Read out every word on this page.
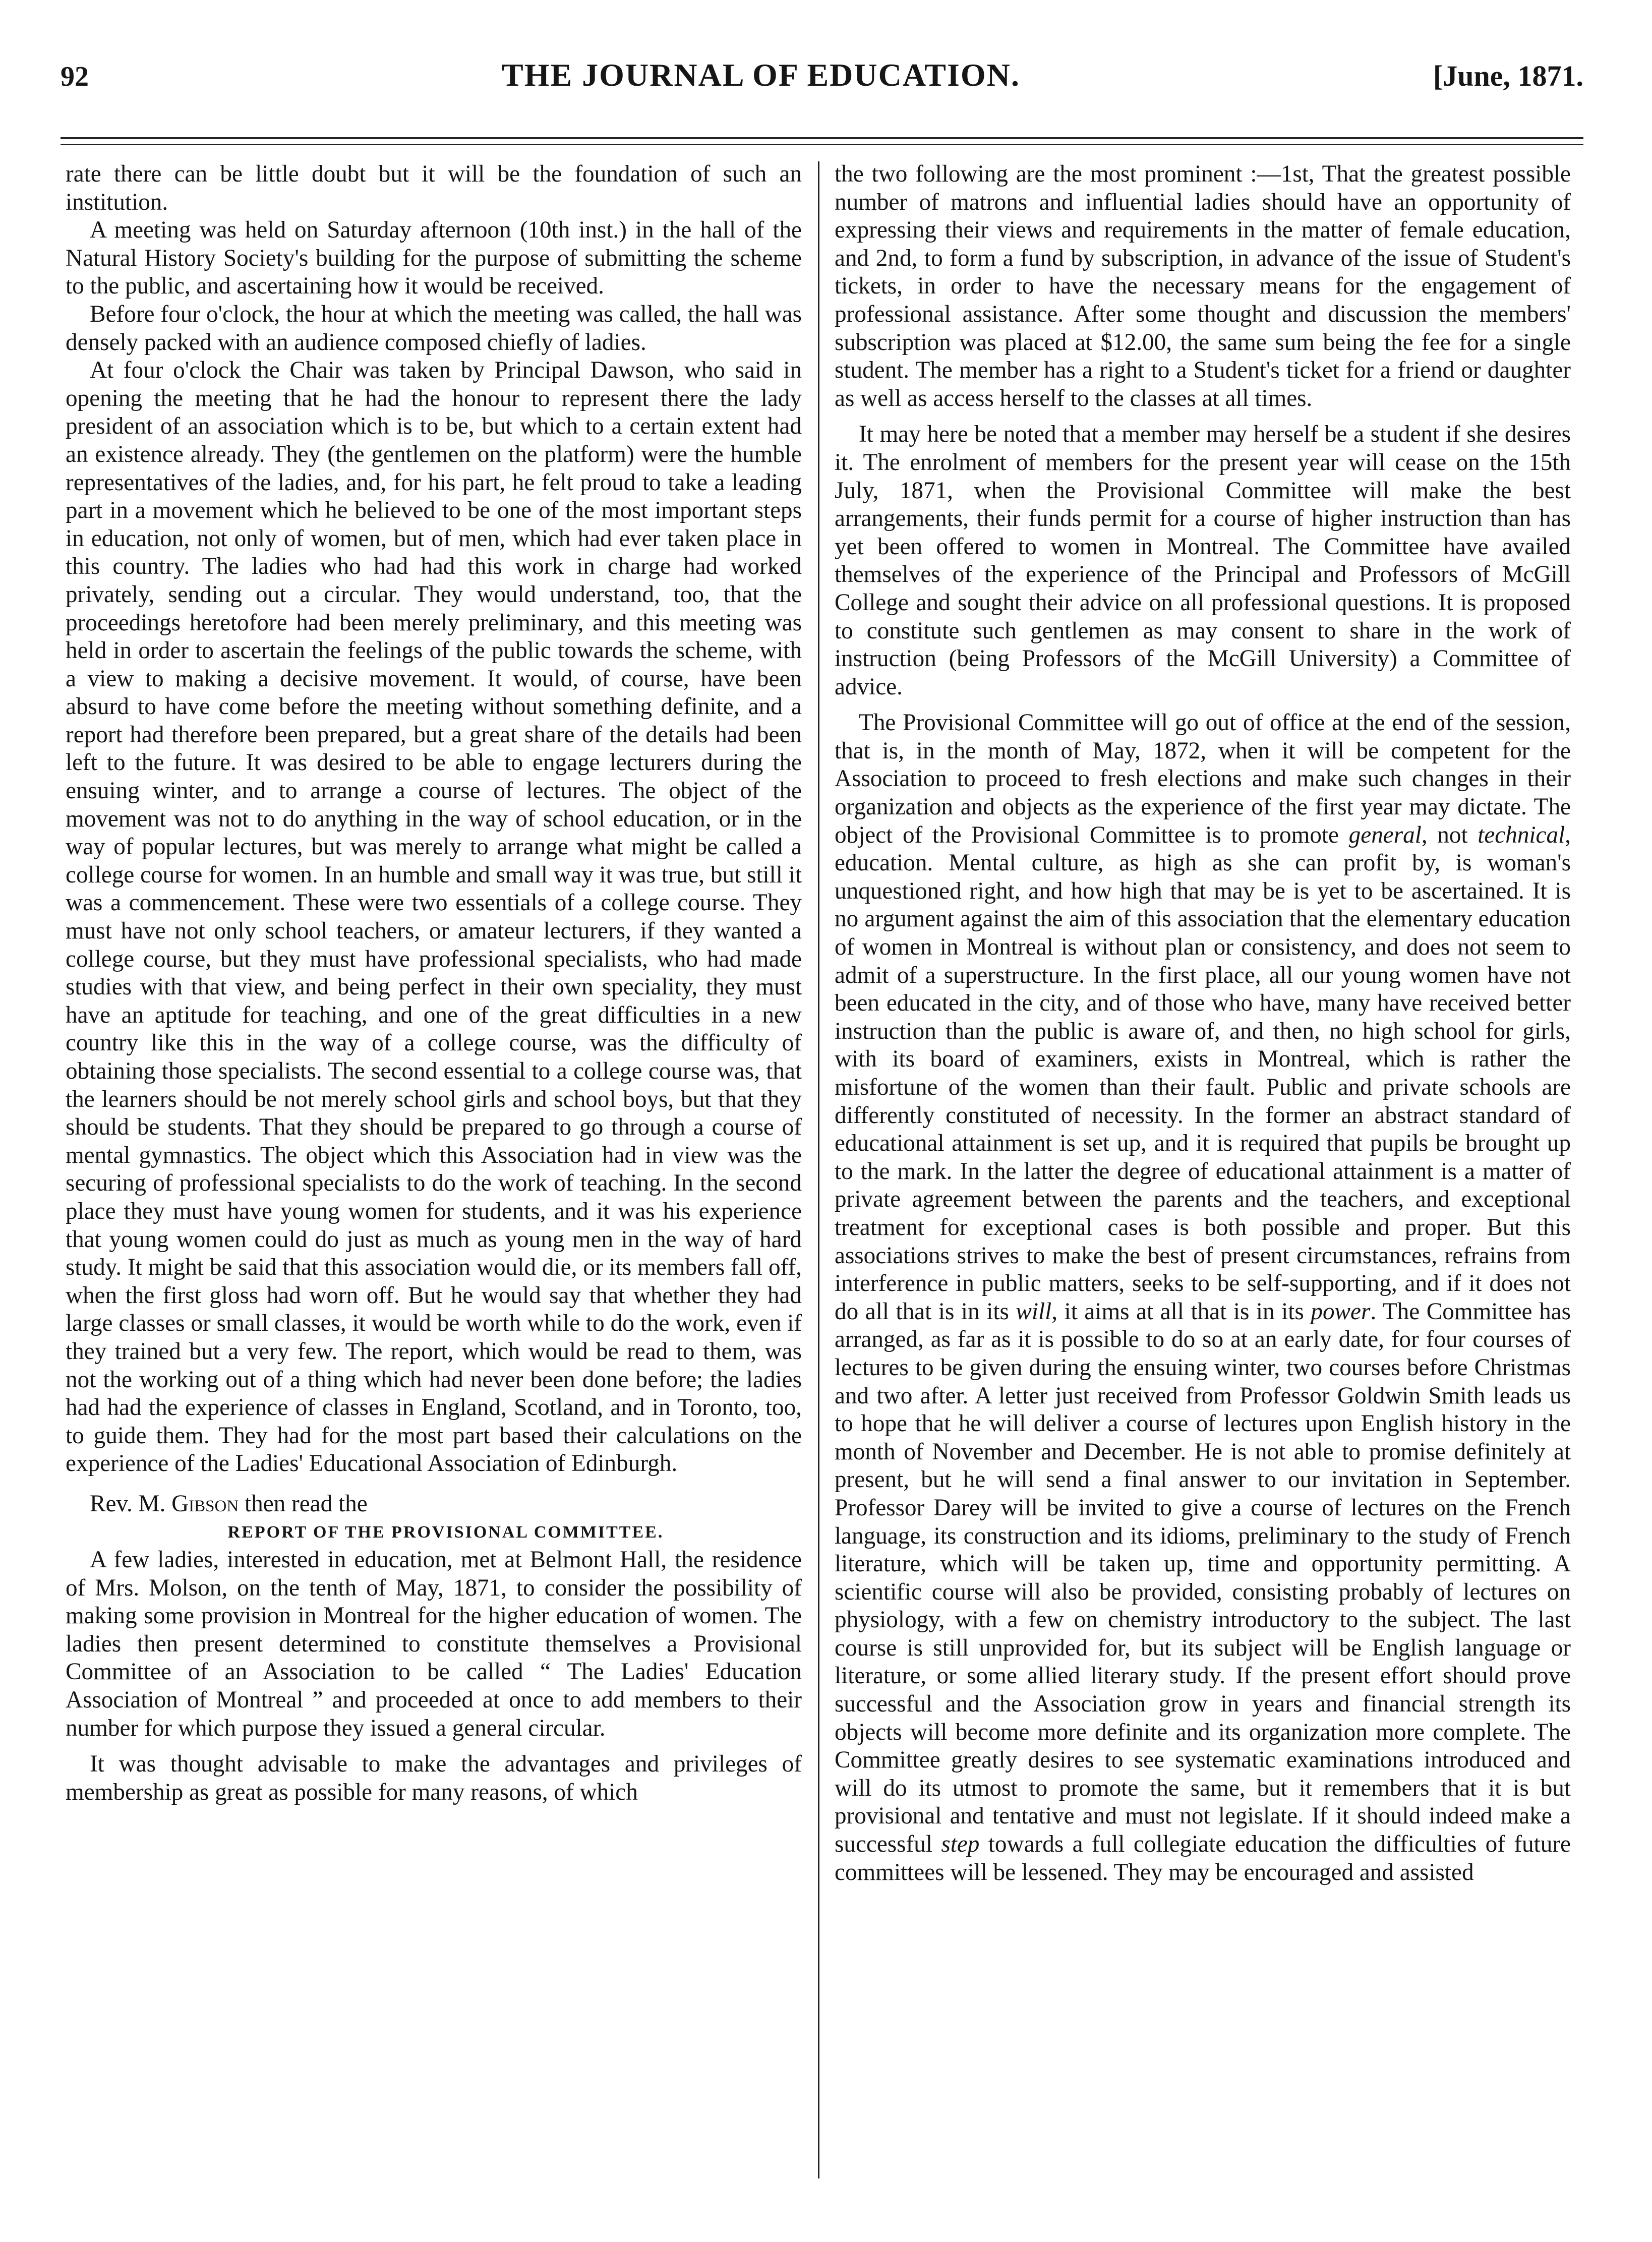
92	THE JOURNAL OF EDUCATION.	[June, 1871.

rate there can be little doubt but it will be the foundation of such an institution.

A meeting was held on Saturday afternoon (10th inst.) in the hall of the Natural History Society's building for the purpose of submitting the scheme to the public, and ascertaining how it would be received.

Before four o'clock, the hour at which the meeting was called, the hall was densely packed with an audience composed chiefly of ladies.

At four o'clock the Chair was taken by Principal Dawson, who said in opening the meeting that he had the honour to represent there the lady president of an association which is to be, but which to a certain extent had an existence already. They (the gentlemen on the platform) were the humble representatives of the ladies, and, for his part, he felt proud to take a leading part in a movement which he believed to be one of the most important steps in education, not only of women, but of men, which had ever taken place in this country. The ladies who had had this work in charge had worked privately, sending out a circular. They would understand, too, that the proceedings heretofore had been merely preliminary, and this meeting was held in order to ascertain the feelings of the public towards the scheme, with a view to making a decisive movement. It would, of course, have been absurd to have come before the meeting without something definite, and a report had therefore been prepared, but a great share of the details had been left to the future. It was desired to be able to engage lecturers during the ensuing winter, and to arrange a course of lectures. The object of the movement was not to do anything in the way of school education, or in the way of popular lectures, but was merely to arrange what might be called a college course for women. In an humble and small way it was true, but still it was a commencement. These were two essentials of a college course. They must have not only school teachers, or amateur lecturers, if they wanted a college course, but they must have professional specialists, who had made studies with that view, and being perfect in their own speciality, they must have an aptitude for teaching, and one of the great difficulties in a new country like this in the way of a college course, was the difficulty of obtaining those specialists. The second essential to a college course was, that the learners should be not merely school girls and school boys, but that they should be students. That they should be prepared to go through a course of mental gymnastics. The object which this Association had in view was the securing of professional specialists to do the work of teaching. In the second place they must have young women for students, and it was his experience that young women could do just as much as young men in the way of hard study. It might be said that this association would die, or its members fall off, when the first gloss had worn off. But he would say that whether they had large classes or small classes, it would be worth while to do the work, even if they trained but a very few. The report, which would be read to them, was not the working out of a thing which had never been done before; the ladies had had the experience of classes in England, Scotland, and in Toronto, too, to guide them. They had for the most part based their calculations on the experience of the Ladies' Educational Association of Edinburgh.

Rev. M. Gibson then read the

REPORT OF THE PROVISIONAL COMMITTEE.

A few ladies, interested in education, met at Belmont Hall, the residence of Mrs. Molson, on the tenth of May, 1871, to consider the possibility of making some provision in Montreal for the higher education of women. The ladies then present determined to constitute themselves a Provisional Committee of an Association to be called “ The Ladies' Education Association of Montreal ” and proceeded at once to add members to their number for which purpose they issued a general circular.

It was thought advisable to make the advantages and privileges of membership as great as possible for many reasons, of which

the two following are the most prominent :—1st, That the greatest possible number of matrons and influential ladies should have an opportunity of expressing their views and requirements in the matter of female education, and 2nd, to form a fund by subscription, in advance of the issue of Student's tickets, in order to have the necessary means for the engagement of professional assistance. After some thought and discussion the members' subscription was placed at $12.00, the same sum being the fee for a single student. The member has a right to a Student's ticket for a friend or daughter as well as access herself to the classes at all times.

It may here be noted that a member may herself be a student if she desires it. The enrolment of members for the present year will cease on the 15th July, 1871, when the Provisional Committee will make the best arrangements, their funds permit for a course of higher instruction than has yet been offered to women in Montreal. The Committee have availed themselves of the experience of the Principal and Professors of McGill College and sought their advice on all professional questions. It is proposed to constitute such gentlemen as may consent to share in the work of instruction (being Professors of the McGill University) a Committee of advice.

The Provisional Committee will go out of office at the end of the session, that is, in the month of May, 1872, when it will be competent for the Association to proceed to fresh elections and make such changes in their organization and objects as the experience of the first year may dictate. The object of the Provisional Committee is to promote general, not technical, education. Mental culture, as high as she can profit by, is woman's unquestioned right, and how high that may be is yet to be ascertained. It is no argument against the aim of this association that the elementary education of women in Montreal is without plan or consistency, and does not seem to admit of a superstructure. In the first place, all our young women have not been educated in the city, and of those who have, many have received better instruction than the public is aware of, and then, no high school for girls, with its board of examiners, exists in Montreal, which is rather the misfortune of the women than their fault. Public and private schools are differently constituted of necessity. In the former an abstract standard of educational attainment is set up, and it is required that pupils be brought up to the mark. In the latter the degree of educational attainment is a matter of private agreement between the parents and the teachers, and exceptional treatment for exceptional cases is both possible and proper. But this associations strives to make the best of present circumstances, refrains from interference in public matters, seeks to be self-supporting, and if it does not do all that is in its will, it aims at all that is in its power. The Committee has arranged, as far as it is possible to do so at an early date, for four courses of lectures to be given during the ensuing winter, two courses before Christmas and two after. A letter just received from Professor Goldwin Smith leads us to hope that he will deliver a course of lectures upon English history in the month of November and December. He is not able to promise definitely at present, but he will send a final answer to our invitation in September. Professor Darey will be invited to give a course of lectures on the French language, its construction and its idioms, preliminary to the study of French literature, which will be taken up, time and opportunity permitting. A scientific course will also be provided, consisting probably of lectures on physiology, with a few on chemistry introductory to the subject. The last course is still unprovided for, but its subject will be English language or literature, or some allied literary study. If the present effort should prove successful and the Association grow in years and financial strength its objects will become more definite and its organization more complete. The Committee greatly desires to see systematic examinations introduced and will do its utmost to promote the same, but it remembers that it is but provisional and tentative and must not legislate. If it should indeed make a successful step towards a full collegiate education the difficulties of future committees will be lessened. They may be encouraged and assisted
